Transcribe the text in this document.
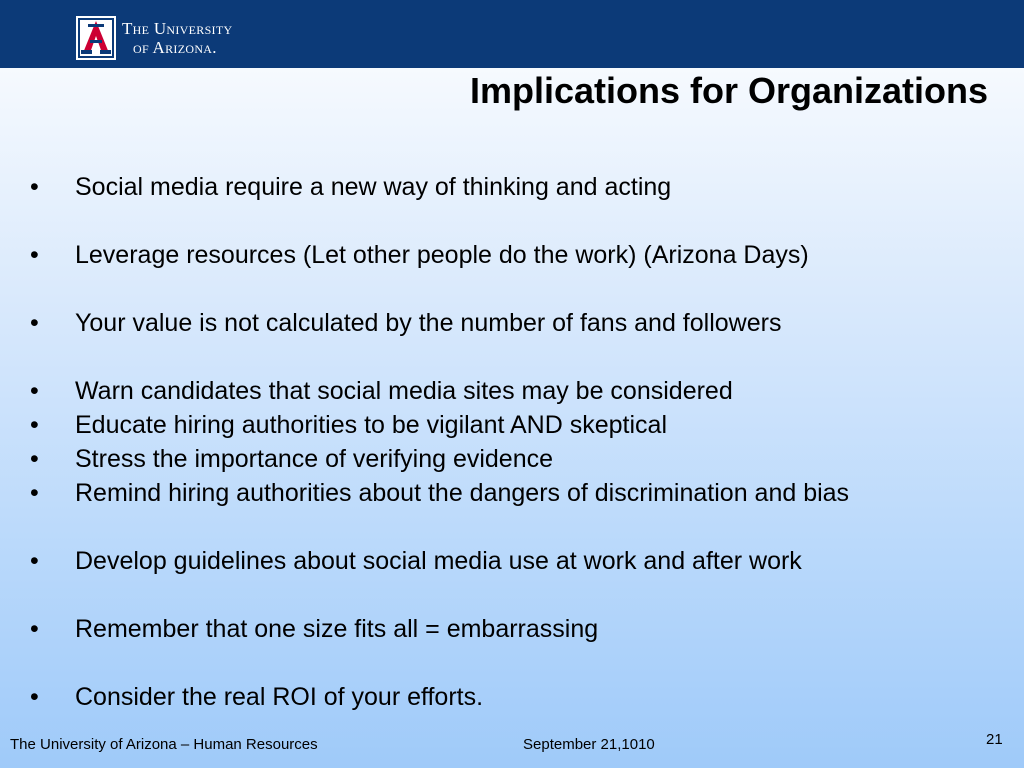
The University
of Arizona.
Implications for Organizations
• Social media require a new way of thinking and acting
• Leverage resources (Let other people do the work) (Arizona Days)
• Your value is not calculated by the number of fans and followers
• Warn candidates that social media sites may be considered
• Educate hiring authorities to be vigilant AND skeptical
• Stress the importance of verifying evidence
• Remind hiring authorities about the dangers of discrimination and bias
• Develop guidelines about social media use at work and after work
• Remember that one size fits all = embarrassing
• Consider the real ROI of your efforts.
The University of Arizona – Human Resources	September 21,1010	21
